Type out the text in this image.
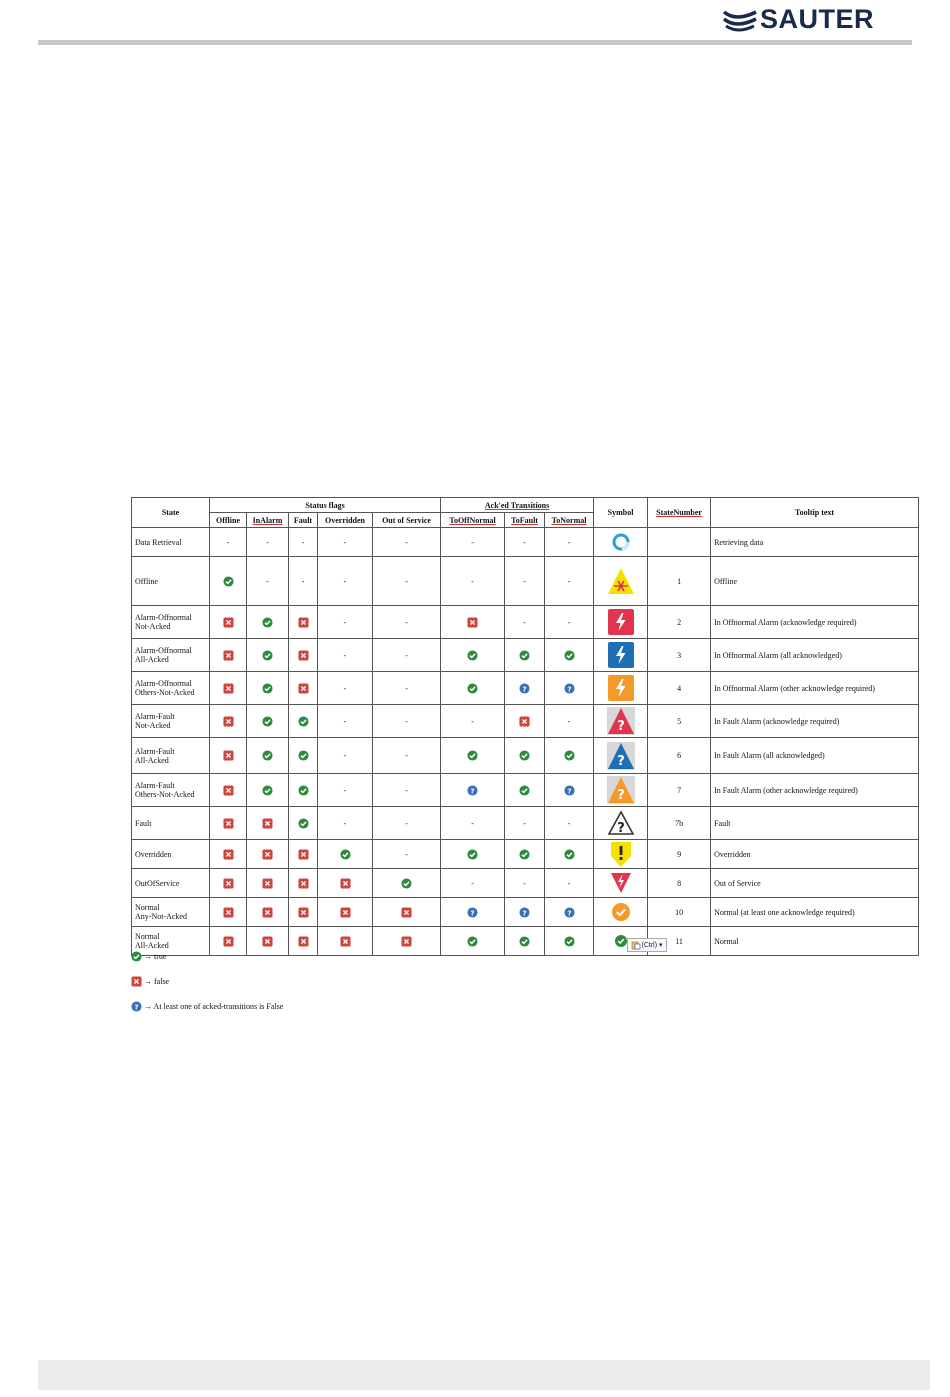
SAUTER
State	Status flags					Ack'ed Transitions			Symbol	StateNumber	Tooltip text
	Offline	InAlarm	Fault	Overridden	Out of Service	ToOffNormal	ToFault	ToNormal			

Data Retrieval	-	-	-	-	-	-	-	-			Retrieving data

Offline		-	-	-	-	-	-	-		1	Offline

Alarm-Offnormal
Not-Acked				-	-		-	-		2	In Offnormal Alarm (acknowledge required)

Alarm-Offnormal
All-Acked				-	-					3	In Offnormal Alarm (all acknowledged)

Alarm-Offnormal
Others-Not-Acked				-	-		?	?		4	In Offnormal Alarm (other acknowledge required)

Alarm-Fault
Not-Acked				-	-	-		-	?	5	In Fault Alarm (acknowledge required)

Alarm-Fault
All-Acked				-	-				?	6	In Fault Alarm (all acknowledged)

Alarm-Fault
Others-Not-Acked				-	-	?		?	?	7	In Fault Alarm (other acknowledge required)

Fault				-	-	-	-	-	?	7b	Fault

Overridden					-					9	Overridden

OutOfService						-	-	-		8	Out of Service

Normal
Any-Not-Acked						?	?	?		10	Normal (at least one acknowledge required)

Normal
All-Acked										11	Normal
(Ctrl) ▾
→ true
→ false
? → At least one of acked-transitions is False
